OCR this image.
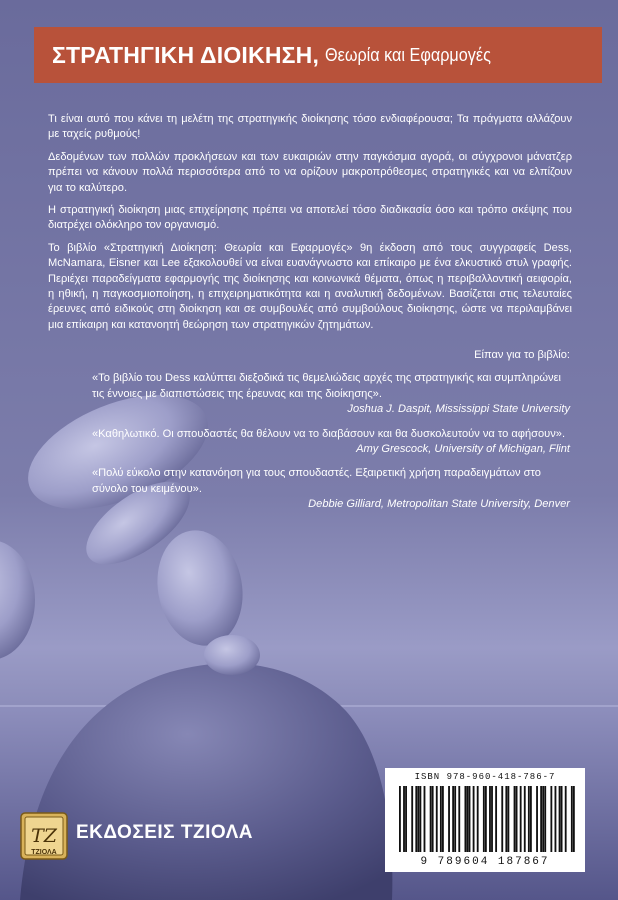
ΣΤΡΑΤΗΓΙΚΗ ΔΙΟΙΚΗΣΗ, Θεωρία και Εφαρμογές

Τι είναι αυτό που κάνει τη μελέτη της στρατηγικής διοίκησης τόσο ενδιαφέρουσα; Τα πράγματα αλλάζουν με ταχείς ρυθμούς!

Δεδομένων των πολλών προκλήσεων και των ευκαιριών στην παγκόσμια αγορά, οι σύγχρονοι μάνατζερ πρέπει να κάνουν πολλά περισσότερα από το να ορίζουν μακροπρόθεσμες στρατηγικές και να ελπίζουν για το καλύτερο.

Η στρατηγική διοίκηση μιας επιχείρησης πρέπει να αποτελεί τόσο διαδικασία όσο και τρόπο σκέψης που διατρέχει ολόκληρο τον οργανισμό.

Το βιβλίο «Στρατηγική Διοίκηση: Θεωρία και Εφαρμογές» 9η έκδοση από τους συγγραφείς Dess, McNamara, Eisner και Lee εξακολουθεί να είναι ευανάγνωστο και επίκαιρο με ένα ελκυστικό στυλ γραφής. Περιέχει παραδείγματα εφαρμογής της διοίκησης και κοινωνικά θέματα, όπως η περιβαλλοντική αειφορία, η ηθική, η παγκοσμιοποίηση, η επιχειρηματικότητα και η αναλυτική δεδομένων. Βασίζεται στις τελευταίες έρευνες από ειδικούς στη διοίκηση και σε συμβουλές από συμβούλους διοίκησης, ώστε να περιλαμβάνει μια επίκαιρη και κατανοητή θεώρηση των στρατηγικών ζητημάτων.

Είπαν για το βιβλίο:

«Το βιβλίο του Dess καλύπτει διεξοδικά τις θεμελιώδεις αρχές της στρατηγικής και συμπληρώνει τις έννοιες με διαπιστώσεις της έρευνας και της διοίκησης».

Joshua J. Daspit, Mississippi State University

«Καθηλωτικό. Οι σπουδαστές θα θέλουν να το διαβάσουν και θα δυσκολευτούν να το αφήσουν».

Amy Grescock, University of Michigan, Flint

«Πολύ εύκολο στην κατανόηση για τους σπουδαστές. Εξαιρετική χρήση παραδειγμάτων στο σύνολο του κειμένου».

Debbie Gilliard, Metropolitan State University, Denver

ISBN 978-960-418-786-7
9 789604 187867
ΤΖ
ΤΖΙΟΛΑ
ΕΚΔΟΣΕΙΣ ΤΖΙΟΛΑ
